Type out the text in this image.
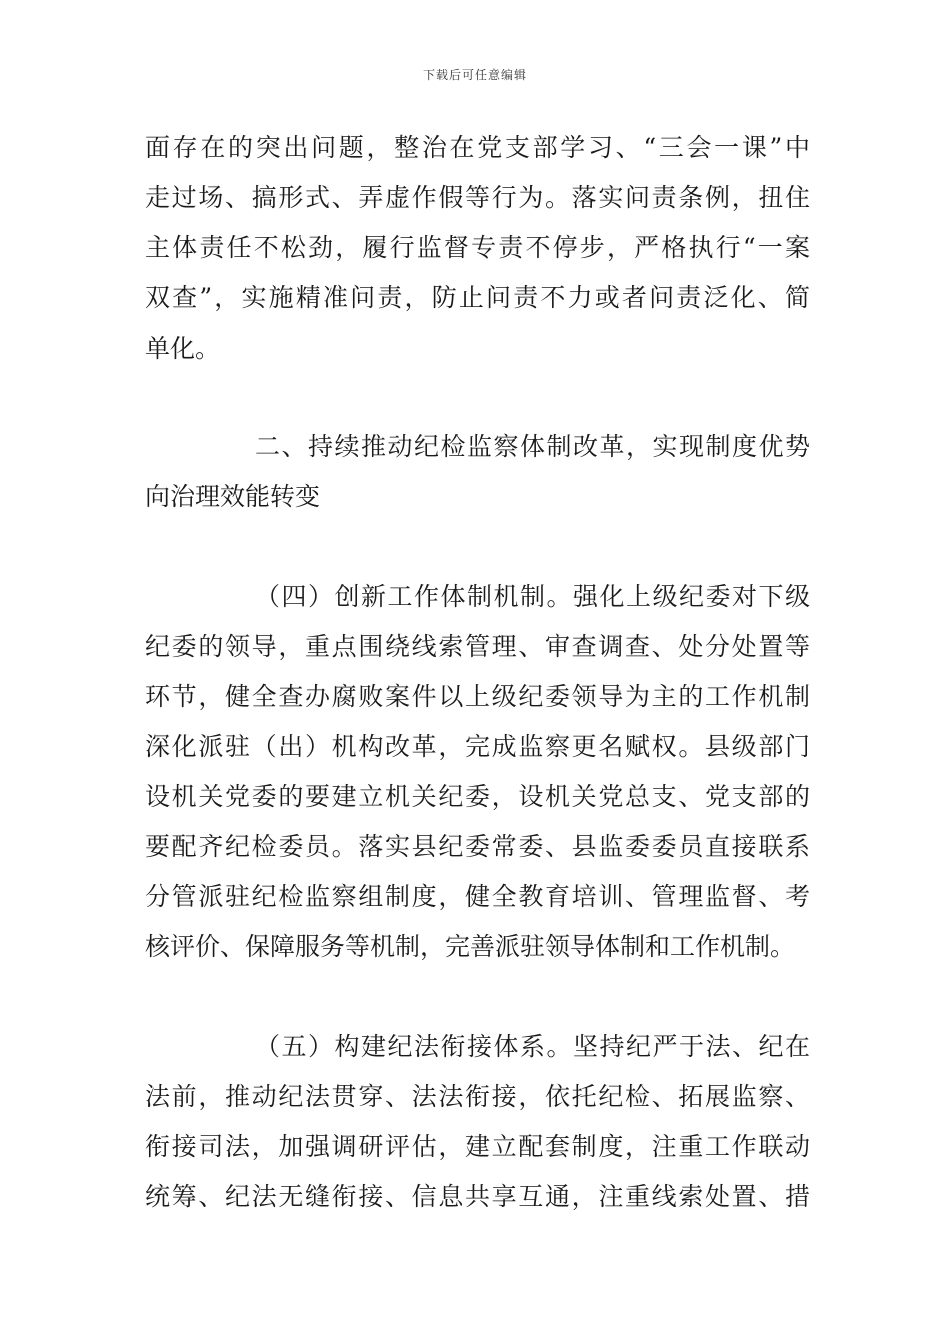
下载后可任意编辑
面存在的突出问题，整治在党支部学习、“三会一课”中
走过场、搞形式、弄虚作假等行为。落实问责条例，扭住
主体责任不松劲，履行监督专责不停步，严格执行“一案
双查”，实施精准问责，防止问责不力或者问责泛化、简
单化。
二、持续推动纪检监察体制改革，实现制度优势
向治理效能转变
（四）创新工作体制机制。强化上级纪委对下级
纪委的领导，重点围绕线索管理、审查调查、处分处置等
环节，健全查办腐败案件以上级纪委领导为主的工作机制
深化派驻（出）机构改革，完成监察更名赋权。县级部门
设机关党委的要建立机关纪委，设机关党总支、党支部的
要配齐纪检委员。落实县纪委常委、县监委委员直接联系
分管派驻纪检监察组制度，健全教育培训、管理监督、考
核评价、保障服务等机制，完善派驻领导体制和工作机制。
（五）构建纪法衔接体系。坚持纪严于法、纪在
法前，推动纪法贯穿、法法衔接，依托纪检、拓展监察、
衔接司法，加强调研评估，建立配套制度，注重工作联动
统筹、纪法无缝衔接、信息共享互通，注重线索处置、措
